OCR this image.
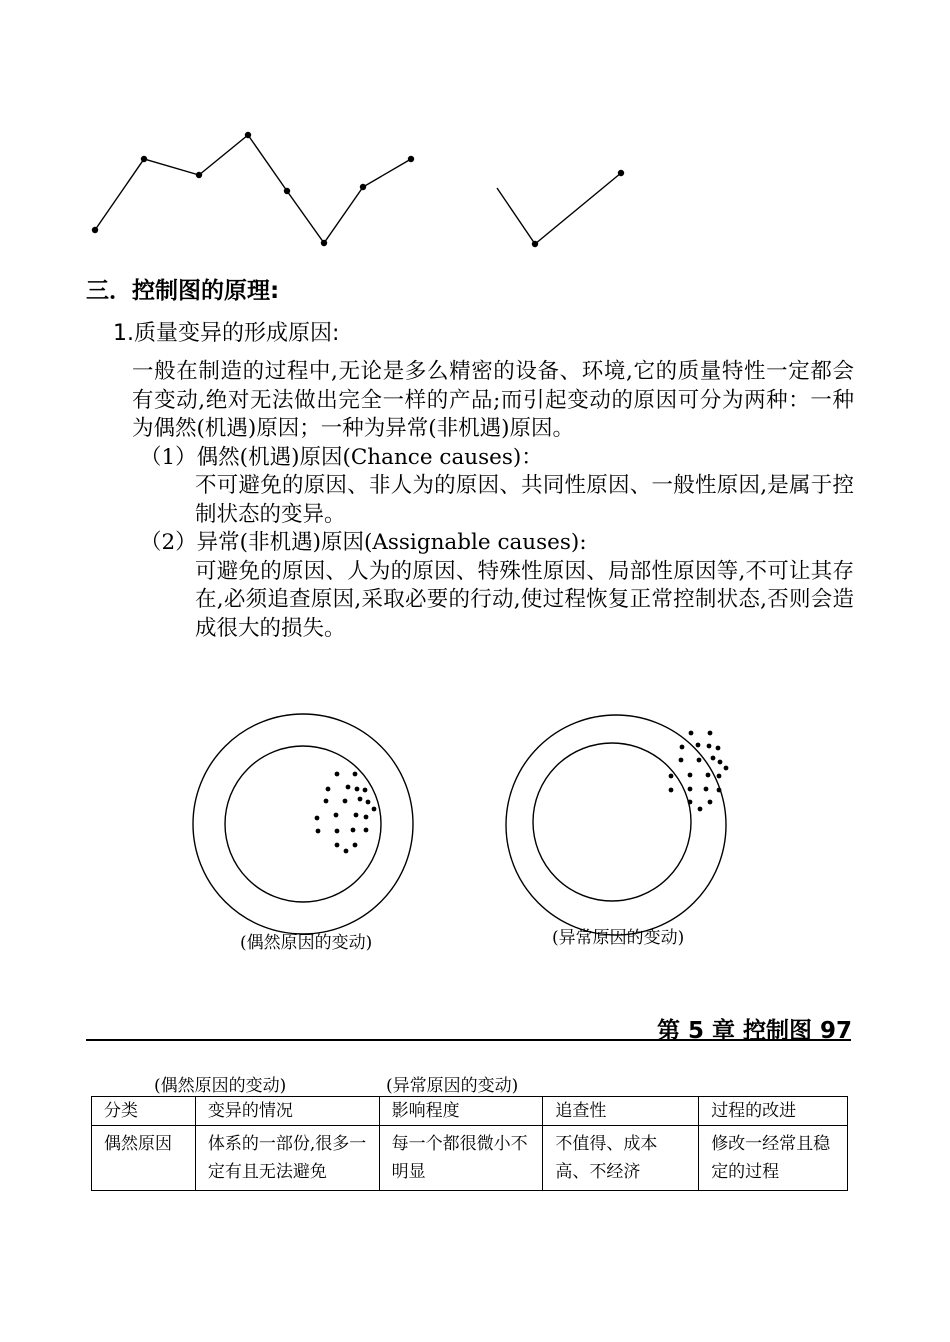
三．控制图的原理:
1.质量变异的形成原因:

一般在制造的过程中,无论是多么精密的设备、环境,它的质量特性一定都会有变动,绝对无法做出完全一样的产品;而引起变动的原因可分为两种：一种为偶然(机遇)原因；一种为异常(非机遇)原因。

（1）偶然(机遇)原因(Chance causes)：

不可避免的原因、非人为的原因、共同性原因、一般性原因,是属于控制状态的变异。

（2）异常(非机遇)原因(Assignable causes):

可避免的原因、人为的原因、特殊性原因、局部性原因等,不可让其存在,必须追查原因,采取必要的行动,使过程恢复正常控制状态,否则会造成很大的损失。

(偶然原因的变动)	(异常原因的变动)
第 5 章 控制图 97
(偶然原因的变动)	(异常原因的变动)
分类	变异的情况	影响程度	追查性	过程的改进
偶然原因	体系的一部份,很多一定有且无法避免	每一个都很微小不明显	不值得、成本高、不经济	修改一经常且稳定的过程
